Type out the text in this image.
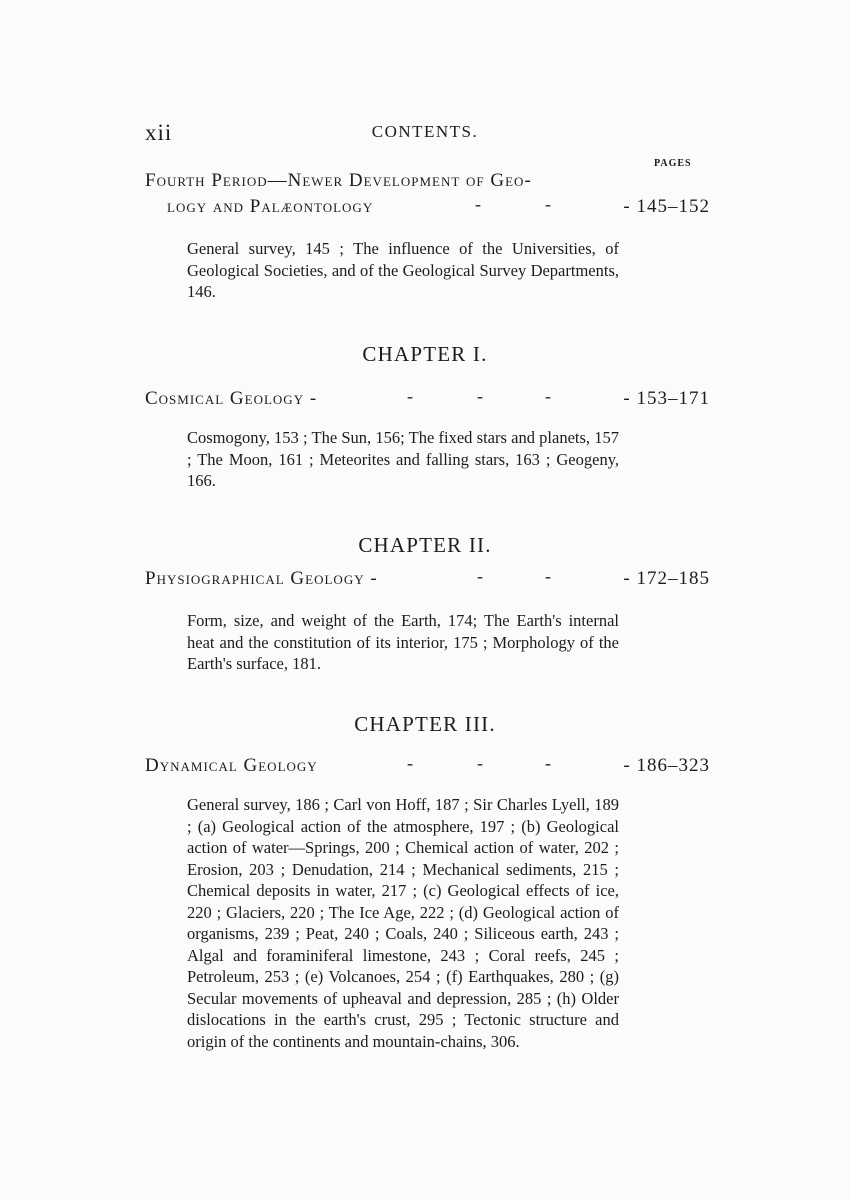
xii	CONTENTS.
PAGES
Fourth Period—Newer Development of Geo-
logy and Palæontology	-	-	- 145–152
General survey, 145 ; The influence of the Universities, of Geological Societies, and of the Geological Survey Departments, 146.
CHAPTER I.
Cosmical Geology -	-	-	-	- 153–171
Cosmogony, 153 ; The Sun, 156; The fixed stars and planets, 157 ; The Moon, 161 ; Meteorites and falling stars, 163 ; Geogeny, 166.
CHAPTER II.
Physiographical Geology -	-	-	- 172–185
Form, size, and weight of the Earth, 174; The Earth's internal heat and the constitution of its interior, 175 ; Morphology of the Earth's surface, 181.
CHAPTER III.
Dynamical Geology	-	-	-	- 186–323
General survey, 186 ; Carl von Hoff, 187 ; Sir Charles Lyell, 189 ; (a) Geological action of the atmosphere, 197 ; (b) Geological action of water—Springs, 200 ; Chemical action of water, 202 ; Erosion, 203 ; Denudation, 214 ; Mechanical sediments, 215 ; Chemical deposits in water, 217 ; (c) Geological effects of ice, 220 ; Glaciers, 220 ; The Ice Age, 222 ; (d) Geological action of organisms, 239 ; Peat, 240 ; Coals, 240 ; Siliceous earth, 243 ; Algal and foraminiferal limestone, 243 ; Coral reefs, 245 ; Petroleum, 253 ; (e) Volcanoes, 254 ; (f) Earthquakes, 280 ; (g) Secular movements of upheaval and depression, 285 ; (h) Older dislocations in the earth's crust, 295 ; Tectonic structure and origin of the continents and mountain-chains, 306.
